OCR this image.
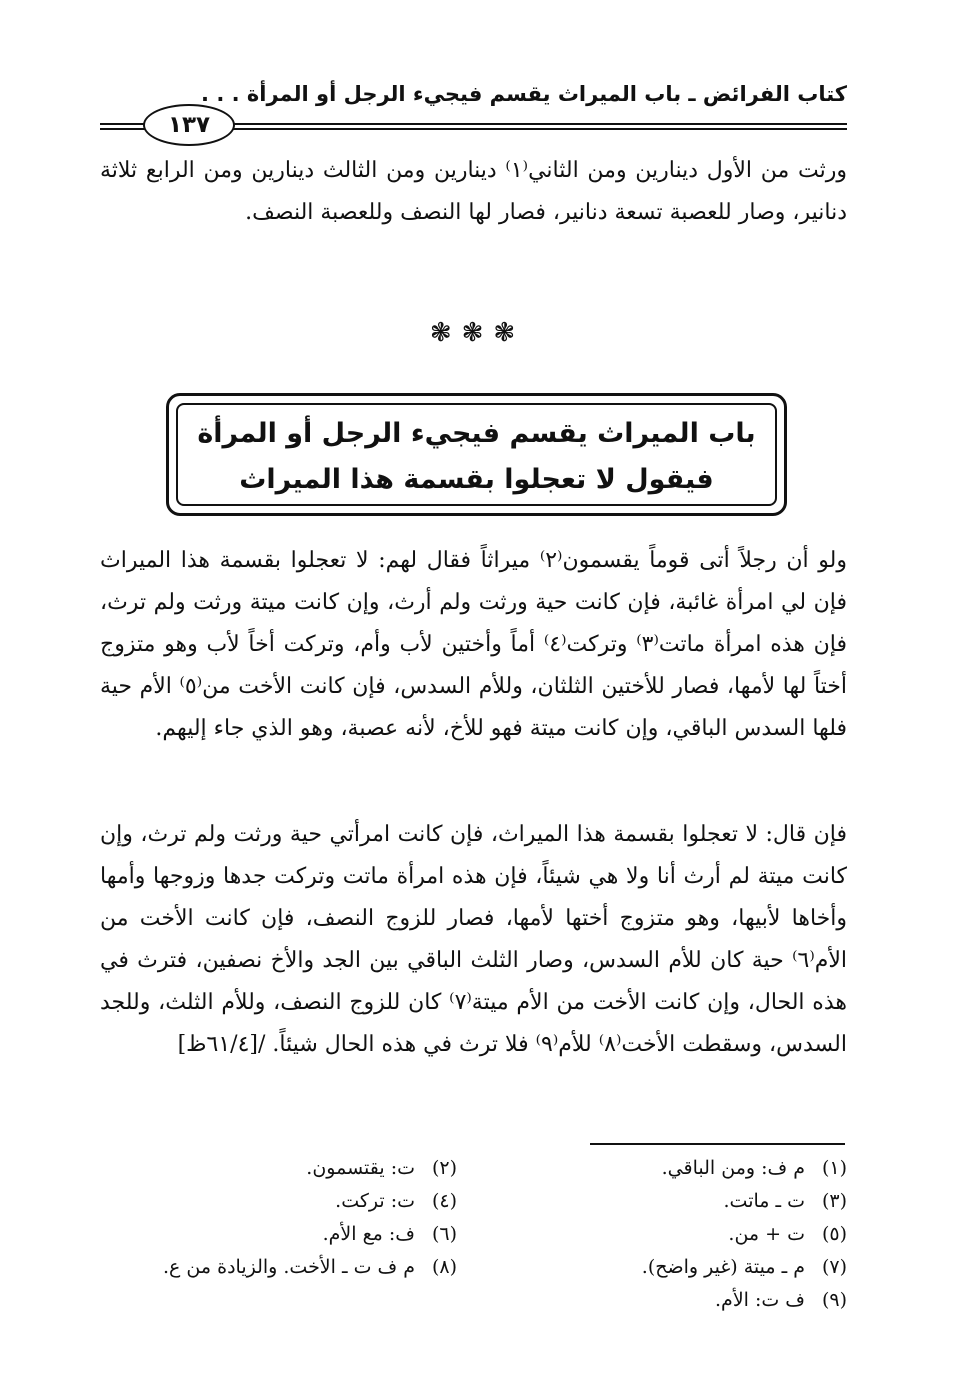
كتاب الفرائض ـ باب الميراث يقسم فيجيء الرجل أو المرأة . . .
١٣٧
ورثت من الأول دينارين ومن الثاني⁽١⁾ دينارين ومن الثالث دينارين ومن الرابع ثلاثة دنانير، وصار للعصبة تسعة دنانير، فصار لها النصف وللعصبة النصف.
❃❃❃
باب الميراث يقسم فيجيء الرجل أو المرأة
فيقول لا تعجلوا بقسمة هذا الميراث
ولو أن رجلاً أتى قوماً يقسمون⁽٢⁾ ميراثاً فقال لهم: لا تعجلوا بقسمة هذا الميراث فإن لي امرأة غائبة، فإن كانت حية ورثت ولم أرث، وإن كانت ميتة ورثت ولم ترث، فإن هذه امرأة ماتت⁽٣⁾ وتركت⁽٤⁾ أماً وأختين لأب وأم، وتركت أخاً لأب وهو متزوج أختاً لها لأمها، فصار للأختين الثلثان، وللأم السدس، فإن كانت الأخت من⁽٥⁾ الأم حية فلها السدس الباقي، وإن كانت ميتة فهو للأخ، لأنه عصبة، وهو الذي جاء إليهم.
فإن قال: لا تعجلوا بقسمة هذا الميراث، فإن كانت امرأتي حية ورثت ولم ترث، وإن كانت ميتة لم أرث أنا ولا هي شيئاً، فإن هذه امرأة ماتت وتركت جدها وزوجها وأمها وأخاها لأبيها، وهو متزوج أختها لأمها، فصار للزوج النصف، فإن كانت الأخت من الأم⁽٦⁾ حية كان للأم السدس، وصار الثلث الباقي بين الجد والأخ نصفين، فترث في هذه الحال، وإن كانت الأخت من الأم ميتة⁽٧⁾ كان للزوج النصف، وللأم الثلث، وللجد السدس، وسقطت الأخت⁽٨⁾ للأم⁽٩⁾ فلا ترث في هذه الحال شيئاً. /[٦١/٤ظ]
(١)
م ف: ومن الباقي.
(٣)
ت ـ ماتت.
(٥)
ت + من.
(٧)
م ـ ميتة (غير واضح).
(٩)
ف ت: الأم.
(٢)
ت: يقتسمون.
(٤)
ت: تركت.
(٦)
ف: مع الأم.
(٨)
م ف ت ـ الأخت. والزيادة من ع.
